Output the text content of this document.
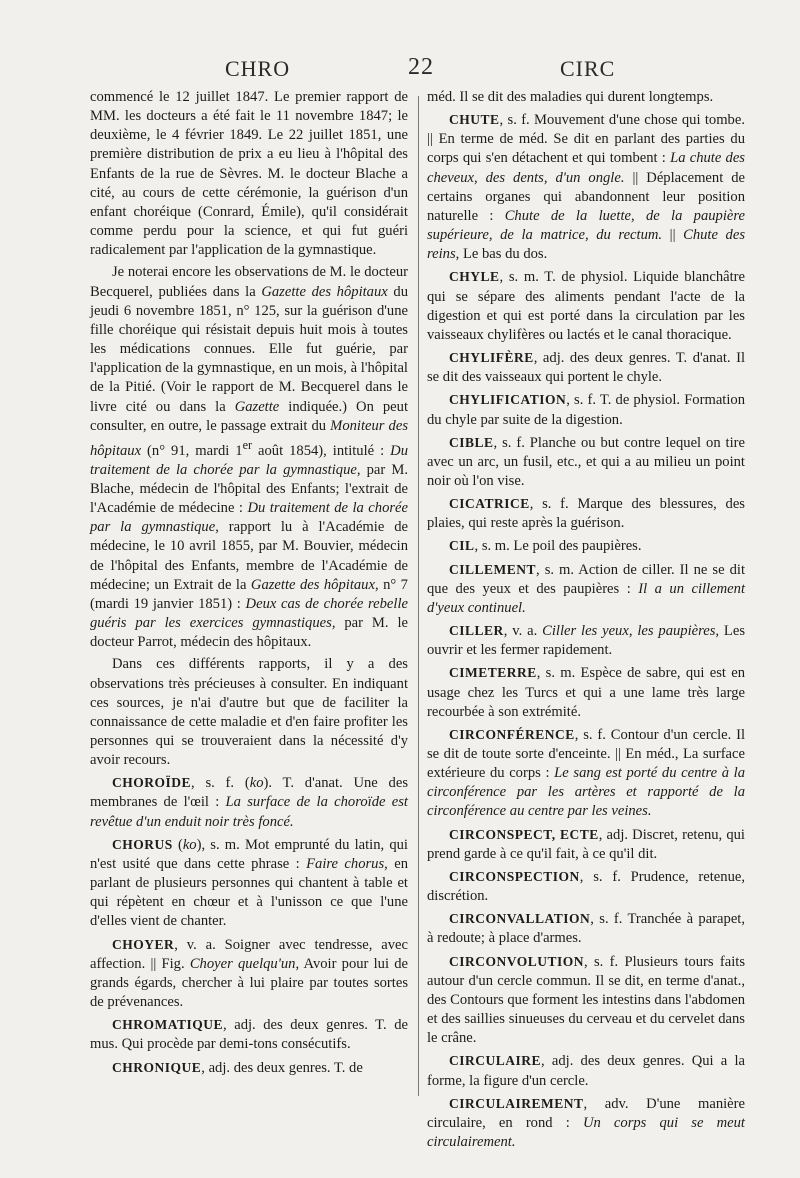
CHRO	22	CIRC

commencé le 12 juillet 1847. Le premier rapport de MM. les docteurs a été fait le 11 novembre 1847; le deuxième, le 4 février 1849. Le 22 juillet 1851, une première distribution de prix a eu lieu à l'hôpital des Enfants de la rue de Sèvres. M. le docteur Blache a cité, au cours de cette cérémonie, la guérison d'un enfant choréique (Conrard, Émile), qu'il considérait comme perdu pour la science, et qui fut guéri radicalement par l'application de la gymnastique.

Je noterai encore les observations de M. le docteur Becquerel, publiées dans la Gazette des hôpitaux du jeudi 6 novembre 1851, n° 125, sur la guérison d'une fille choréique qui résistait depuis huit mois à toutes les médications connues. Elle fut guérie, par l'application de la gymnastique, en un mois, à l'hôpital de la Pitié. (Voir le rapport de M. Becquerel dans le livre cité ou dans la Gazette indiquée.) On peut consulter, en outre, le passage extrait du Moniteur des hôpitaux (n° 91, mardi 1er août 1854), intitulé : Du traitement de la chorée par la gymnastique, par M. Blache, médecin de l'hôpital des Enfants; l'extrait de l'Académie de médecine : Du traitement de la chorée par la gymnastique, rapport lu à l'Académie de médecine, le 10 avril 1855, par M. Bouvier, médecin de l'hôpital des Enfants, membre de l'Académie de médecine; un Extrait de la Gazette des hôpitaux, n° 7 (mardi 19 janvier 1851) : Deux cas de chorée rebelle guéris par les exercices gymnastiques, par M. le docteur Parrot, médecin des hôpitaux.

Dans ces différents rapports, il y a des observations très précieuses à consulter. En indiquant ces sources, je n'ai d'autre but que de faciliter la connaissance de cette maladie et d'en faire profiter les personnes qui se trouveraient dans la nécessité d'y avoir recours.

CHOROÏDE, s. f. (ko). T. d'anat. Une des membranes de l'œil : La surface de la choroïde est revêtue d'un enduit noir très foncé.

CHORUS (ko), s. m. Mot emprunté du latin, qui n'est usité que dans cette phrase : Faire chorus, en parlant de plusieurs personnes qui chantent à table et qui répètent en chœur et à l'unisson ce que l'une d'elles vient de chanter.

CHOYER, v. a. Soigner avec tendresse, avec affection. || Fig. Choyer quelqu'un, Avoir pour lui de grands égards, chercher à lui plaire par toutes sortes de prévenances.

CHROMATIQUE, adj. des deux genres. T. de mus. Qui procède par demi-tons consécutifs.

CHRONIQUE, adj. des deux genres. T. de

méd. Il se dit des maladies qui durent longtemps.

CHUTE, s. f. Mouvement d'une chose qui tombe. || En terme de méd. Se dit en parlant des parties du corps qui s'en détachent et qui tombent : La chute des cheveux, des dents, d'un ongle. || Déplacement de certains organes qui abandonnent leur position naturelle : Chute de la luette, de la paupière supérieure, de la matrice, du rectum. || Chute des reins, Le bas du dos.

CHYLE, s. m. T. de physiol. Liquide blanchâtre qui se sépare des aliments pendant l'acte de la digestion et qui est porté dans la circulation par les vaisseaux chylifères ou lactés et le canal thoracique.

CHYLIFÈRE, adj. des deux genres. T. d'anat. Il se dit des vaisseaux qui portent le chyle.

CHYLIFICATION, s. f. T. de physiol. Formation du chyle par suite de la digestion.

CIBLE, s. f. Planche ou but contre lequel on tire avec un arc, un fusil, etc., et qui a au milieu un point noir où l'on vise.

CICATRICE, s. f. Marque des blessures, des plaies, qui reste après la guérison.

CIL, s. m. Le poil des paupières.

CILLEMENT, s. m. Action de ciller. Il ne se dit que des yeux et des paupières : Il a un cillement d'yeux continuel.

CILLER, v. a. Ciller les yeux, les paupières, Les ouvrir et les fermer rapidement.

CIMETERRE, s. m. Espèce de sabre, qui est en usage chez les Turcs et qui a une lame très large recourbée à son extrémité.

CIRCONFÉRENCE, s. f. Contour d'un cercle. Il se dit de toute sorte d'enceinte. || En méd., La surface extérieure du corps : Le sang est porté du centre à la circonférence par les artères et rapporté de la circonférence au centre par les veines.

CIRCONSPECT, ECTE, adj. Discret, retenu, qui prend garde à ce qu'il fait, à ce qu'il dit.

CIRCONSPECTION, s. f. Prudence, retenue, discrétion.

CIRCONVALLATION, s. f. Tranchée à parapet, à redoute; à place d'armes.

CIRCONVOLUTION, s. f. Plusieurs tours faits autour d'un cercle commun. Il se dit, en terme d'anat., des Contours que forment les intestins dans l'abdomen et des saillies sinueuses du cerveau et du cervelet dans le crâne.

CIRCULAIRE, adj. des deux genres. Qui a la forme, la figure d'un cercle.

CIRCULAIREMENT, adv. D'une manière circulaire, en rond : Un corps qui se meut circulairement.
